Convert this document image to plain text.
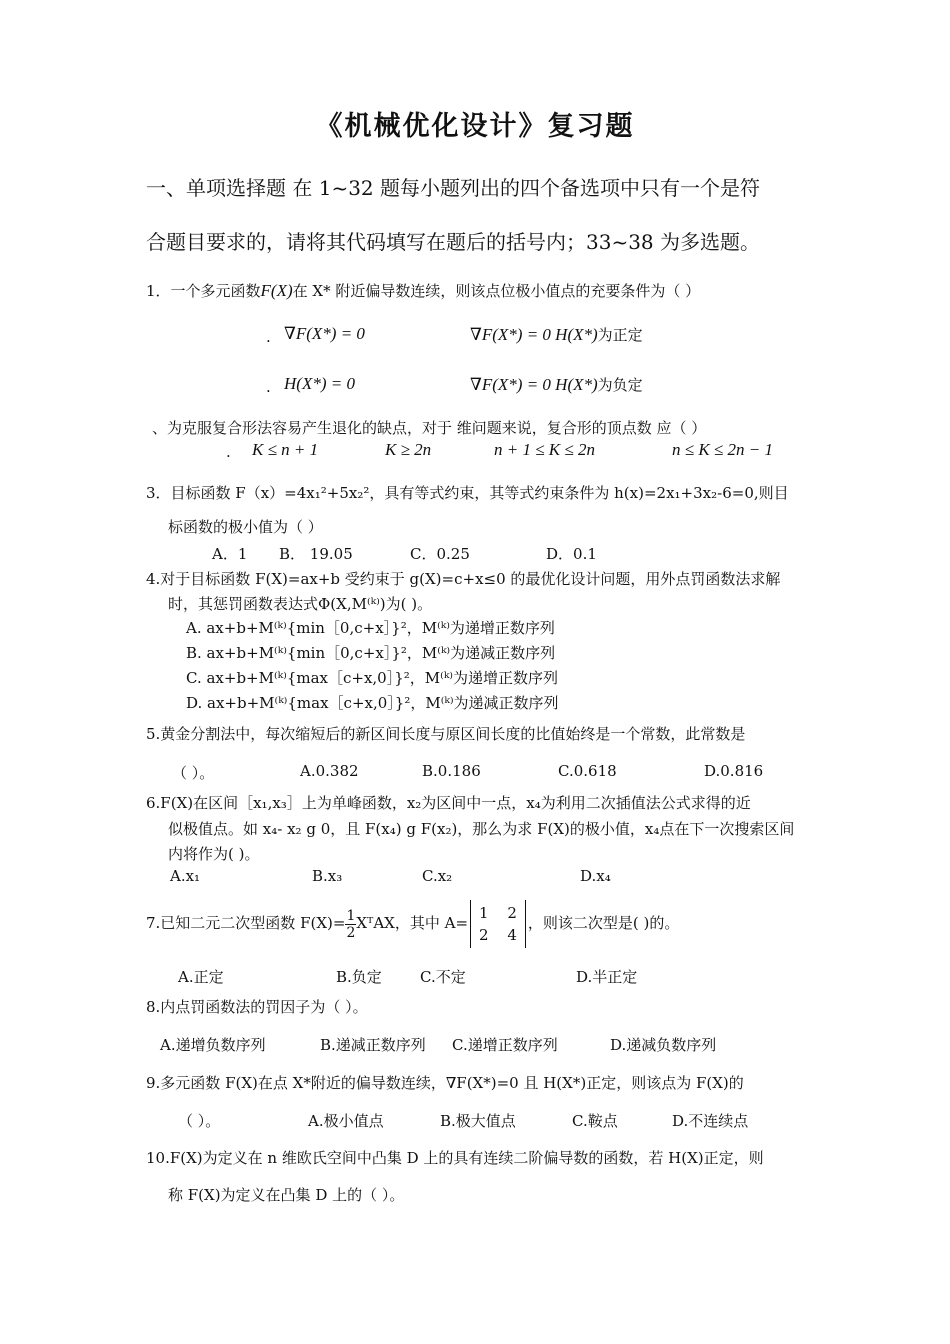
《机械优化设计》复习题
一、单项选择题 在 1~32 题每小题列出的四个备选项中只有一个是符
合题目要求的，请将其代码填写在题后的括号内；33~38 为多选题。
1．一个多元函数F(X)在 X* 附近偏导数连续，则该点位极小值点的充要条件为（ ）
. ∇F(X*) = 0	∇F(X*) = 0 H(X*)为正定
. H(X*) = 0	∇F(X*) = 0 H(X*)为负定
、为克服复合形法容易产生退化的缺点，对于 维问题来说，复合形的顶点数 应（ ）
. K ≤ n + 1	K ≥ 2n	n + 1 ≤ K ≤ 2n	n ≤ K ≤ 2n − 1
3．目标函数 F（x）=4x₁²+5x₂²，具有等式约束，其等式约束条件为 h(x)=2x₁+3x₂-6=0,则目
标函数的极小值为（ ）
A．1 B． 19.05	C．0.25	D．0.1
4.对于目标函数 F(X)=ax+b 受约束于 g(X)=c+x≤0 的最优化设计问题，用外点罚函数法求解
时，其惩罚函数表达式Φ(X,M⁽ᵏ⁾)为( )。
A. ax+b+M⁽ᵏ⁾{min［0,c+x］}²，M⁽ᵏ⁾为递增正数序列
B. ax+b+M⁽ᵏ⁾{min［0,c+x］}²，M⁽ᵏ⁾为递减正数序列
C. ax+b+M⁽ᵏ⁾{max［c+x,0］}²，M⁽ᵏ⁾为递增正数序列
D. ax+b+M⁽ᵏ⁾{max［c+x,0］}²，M⁽ᵏ⁾为递减正数序列
5.黄金分割法中，每次缩短后的新区间长度与原区间长度的比值始终是一个常数，此常数是
（ ）。	A.0.382	B.0.186	C.0.618	D.0.816
6.F(X)在区间［x₁,x₃］上为单峰函数，x₂为区间中一点，x₄为利用二次插值法公式求得的近
似极值点。如 x₄- x₂ g 0，且 F(x₄) g F(x₂)，那么为求 F(X)的极小值，x₄点在下一次搜索区间
内将作为( )。
A.x₁	B.x₃	C.x₂	D.x₄
7.已知二元二次型函数 $F(X)= \frac{1}{2}$ XᵀAX，其中 A=
1 2
2 4
，则该二次型是( )的。
A.正定	B.负定	C.不定	D.半正定
8.内点罚函数法的罚因子为（ ）。
A.递增负数序列	B.递减正数序列 C.递增正数序列	D.递减负数序列
9.多元函数 F(X)在点 X*附近的偏导数连续，∇F(X*)=0 且 H(X*)正定，则该点为 F(X)的
（ ）。	A.极小值点	B.极大值点	C.鞍点	D.不连续点
10.F(X)为定义在 n 维欧氏空间中凸集 D 上的具有连续二阶偏导数的函数，若 H(X)正定，则
称 F(X)为定义在凸集 D 上的（ ）。
